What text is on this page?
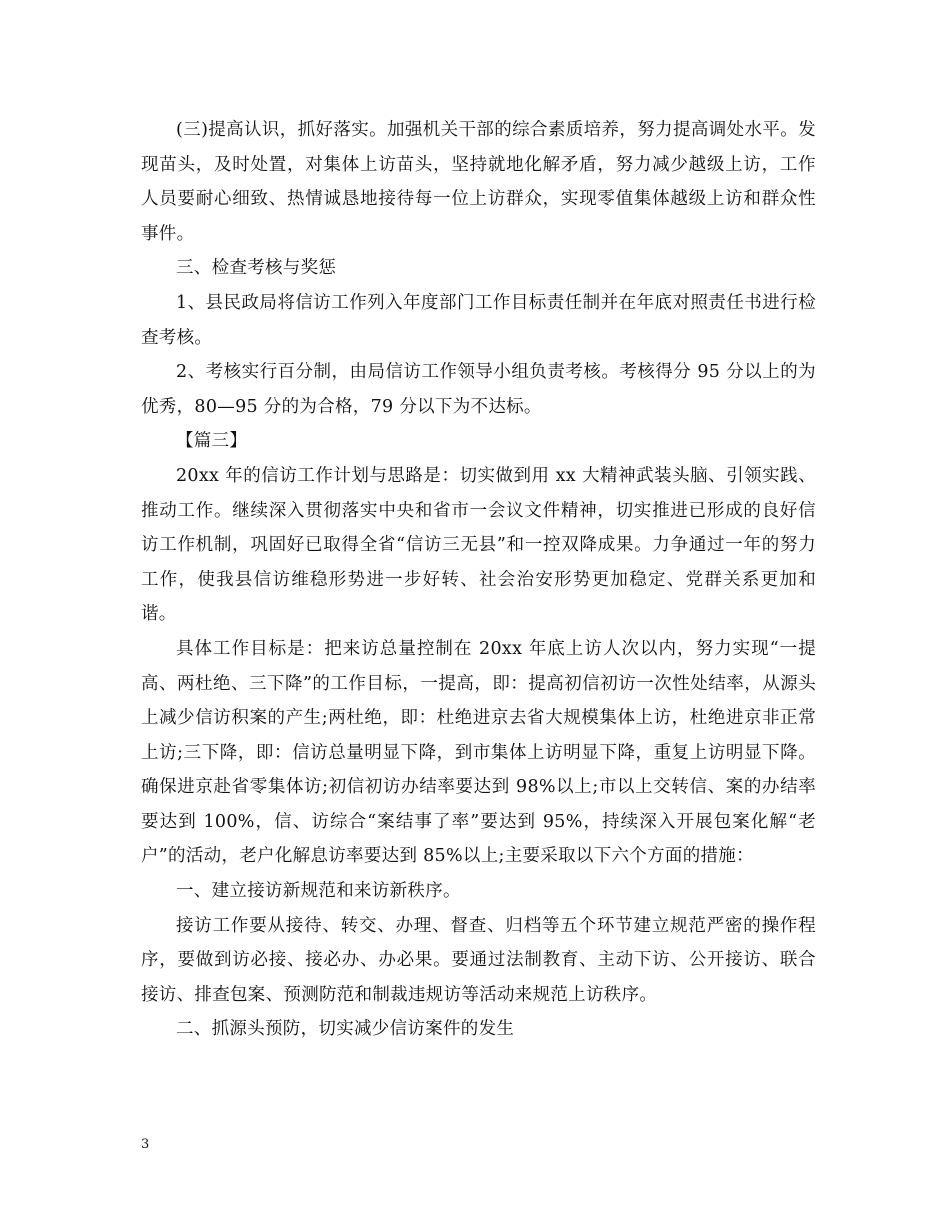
(三)提高认识，抓好落实。加强机关干部的综合素质培养，努力提高调处水平。发现苗头，及时处置，对集体上访苗头，坚持就地化解矛盾，努力减少越级上访，工作人员要耐心细致、热情诚恳地接待每一位上访群众，实现零值集体越级上访和群众性事件。

三、检查考核与奖惩

1、县民政局将信访工作列入年度部门工作目标责任制并在年底对照责任书进行检查考核。

2、考核实行百分制，由局信访工作领导小组负责考核。考核得分 95 分以上的为优秀，80—95 分的为合格，79 分以下为不达标。

【篇三】

20xx 年的信访工作计划与思路是：切实做到用 xx 大精神武装头脑、引领实践、推动工作。继续深入贯彻落实中央和省市一会议文件精神，切实推进已形成的良好信访工作机制，巩固好已取得全省“信访三无县”和一控双降成果。力争通过一年的努力工作，使我县信访维稳形势进一步好转、社会治安形势更加稳定、党群关系更加和谐。

具体工作目标是：把来访总量控制在 20xx 年底上访人次以内，努力实现“一提高、两杜绝、三下降”的工作目标，一提高，即：提高初信初访一次性处结率，从源头上减少信访积案的产生;两杜绝，即：杜绝进京去省大规模集体上访，杜绝进京非正常上访;三下降，即：信访总量明显下降，到市集体上访明显下降，重复上访明显下降。确保进京赴省零集体访;初信初访办结率要达到 98%以上;市以上交转信、案的办结率要达到 100%，信、访综合“案结事了率”要达到 95%，持续深入开展包案化解“老户”的活动，老户化解息访率要达到 85%以上;主要采取以下六个方面的措施：

一、建立接访新规范和来访新秩序。

接访工作要从接待、转交、办理、督查、归档等五个环节建立规范严密的操作程序，要做到访必接、接必办、办必果。要通过法制教育、主动下访、公开接访、联合接访、排查包案、预测防范和制裁违规访等活动来规范上访秩序。

二、抓源头预防，切实减少信访案件的发生

3
